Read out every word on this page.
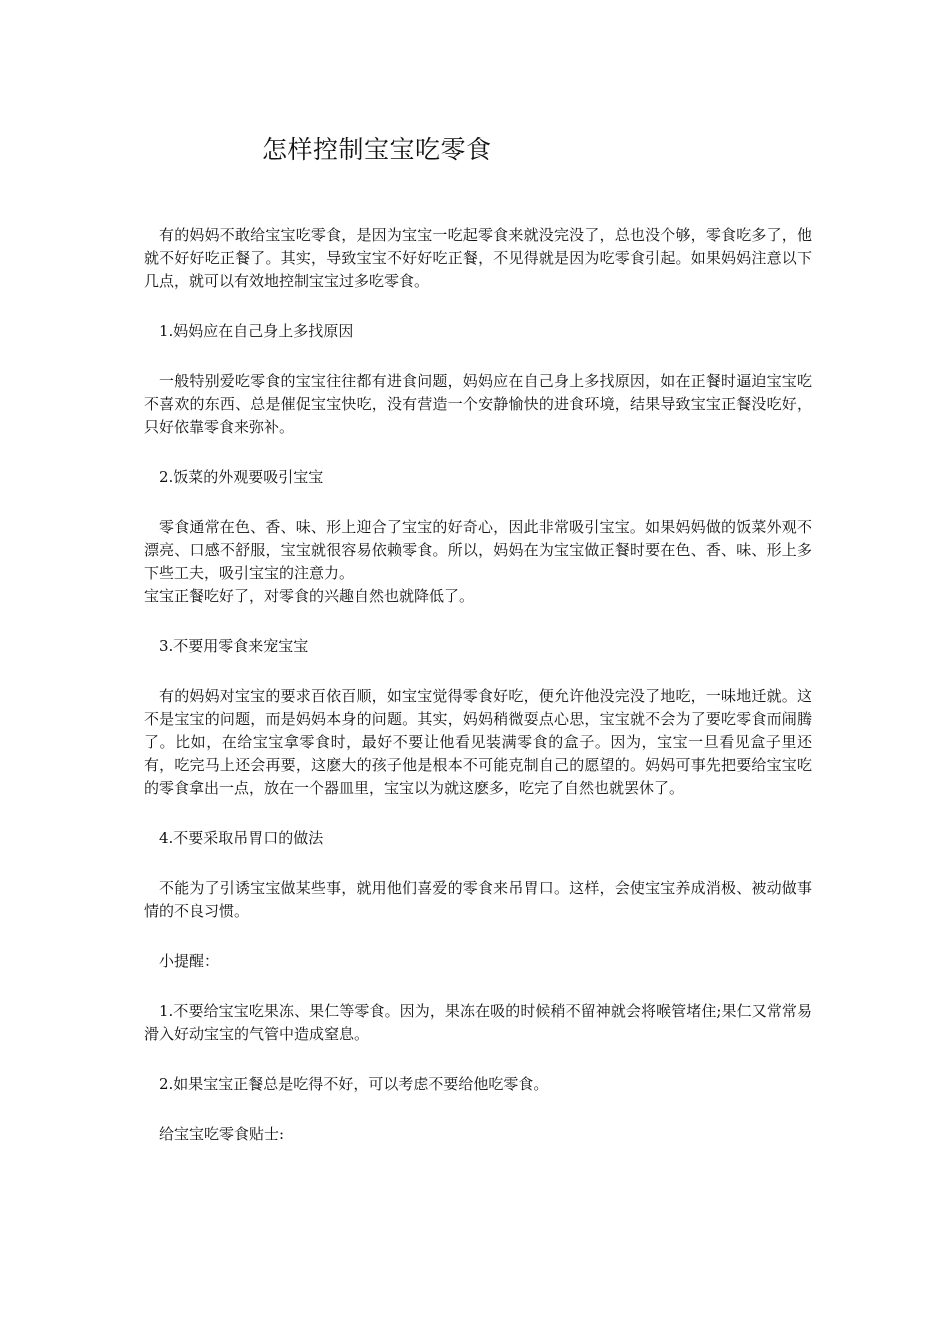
怎样控制宝宝吃零食

有的妈妈不敢给宝宝吃零食，是因为宝宝一吃起零食来就没完没了，总也没个够，零食吃多了，他就不好好吃正餐了。其实，导致宝宝不好好吃正餐，不见得就是因为吃零食引起。如果妈妈注意以下几点，就可以有效地控制宝宝过多吃零食。

1.妈妈应在自己身上多找原因

一般特别爱吃零食的宝宝往往都有进食问题，妈妈应在自己身上多找原因，如在正餐时逼迫宝宝吃不喜欢的东西、总是催促宝宝快吃，没有营造一个安静愉快的进食环境，结果导致宝宝正餐没吃好，只好依靠零食来弥补。

2.饭菜的外观要吸引宝宝

零食通常在色、香、味、形上迎合了宝宝的好奇心，因此非常吸引宝宝。如果妈妈做的饭菜外观不漂亮、口感不舒服，宝宝就很容易依赖零食。所以，妈妈在为宝宝做正餐时要在色、香、味、形上多下些工夫，吸引宝宝的注意力。

宝宝正餐吃好了，对零食的兴趣自然也就降低了。

3.不要用零食来宠宝宝

有的妈妈对宝宝的要求百依百顺，如宝宝觉得零食好吃，便允许他没完没了地吃，一味地迁就。这不是宝宝的问题，而是妈妈本身的问题。其实，妈妈稍微耍点心思，宝宝就不会为了要吃零食而闹腾了。比如，在给宝宝拿零食时，最好不要让他看见装满零食的盒子。因为，宝宝一旦看见盒子里还有，吃完马上还会再要，这麽大的孩子他是根本不可能克制自己的愿望的。妈妈可事先把要给宝宝吃的零食拿出一点，放在一个器皿里，宝宝以为就这麽多，吃完了自然也就罢休了。

4.不要采取吊胃口的做法

不能为了引诱宝宝做某些事，就用他们喜爱的零食来吊胃口。这样，会使宝宝养成消极、被动做事情的不良习惯。

小提醒：

1.不要给宝宝吃果冻、果仁等零食。因为，果冻在吸的时候稍不留神就会将喉管堵住;果仁又常常易滑入好动宝宝的气管中造成窒息。

2.如果宝宝正餐总是吃得不好，可以考虑不要给他吃零食。

给宝宝吃零食贴士:
